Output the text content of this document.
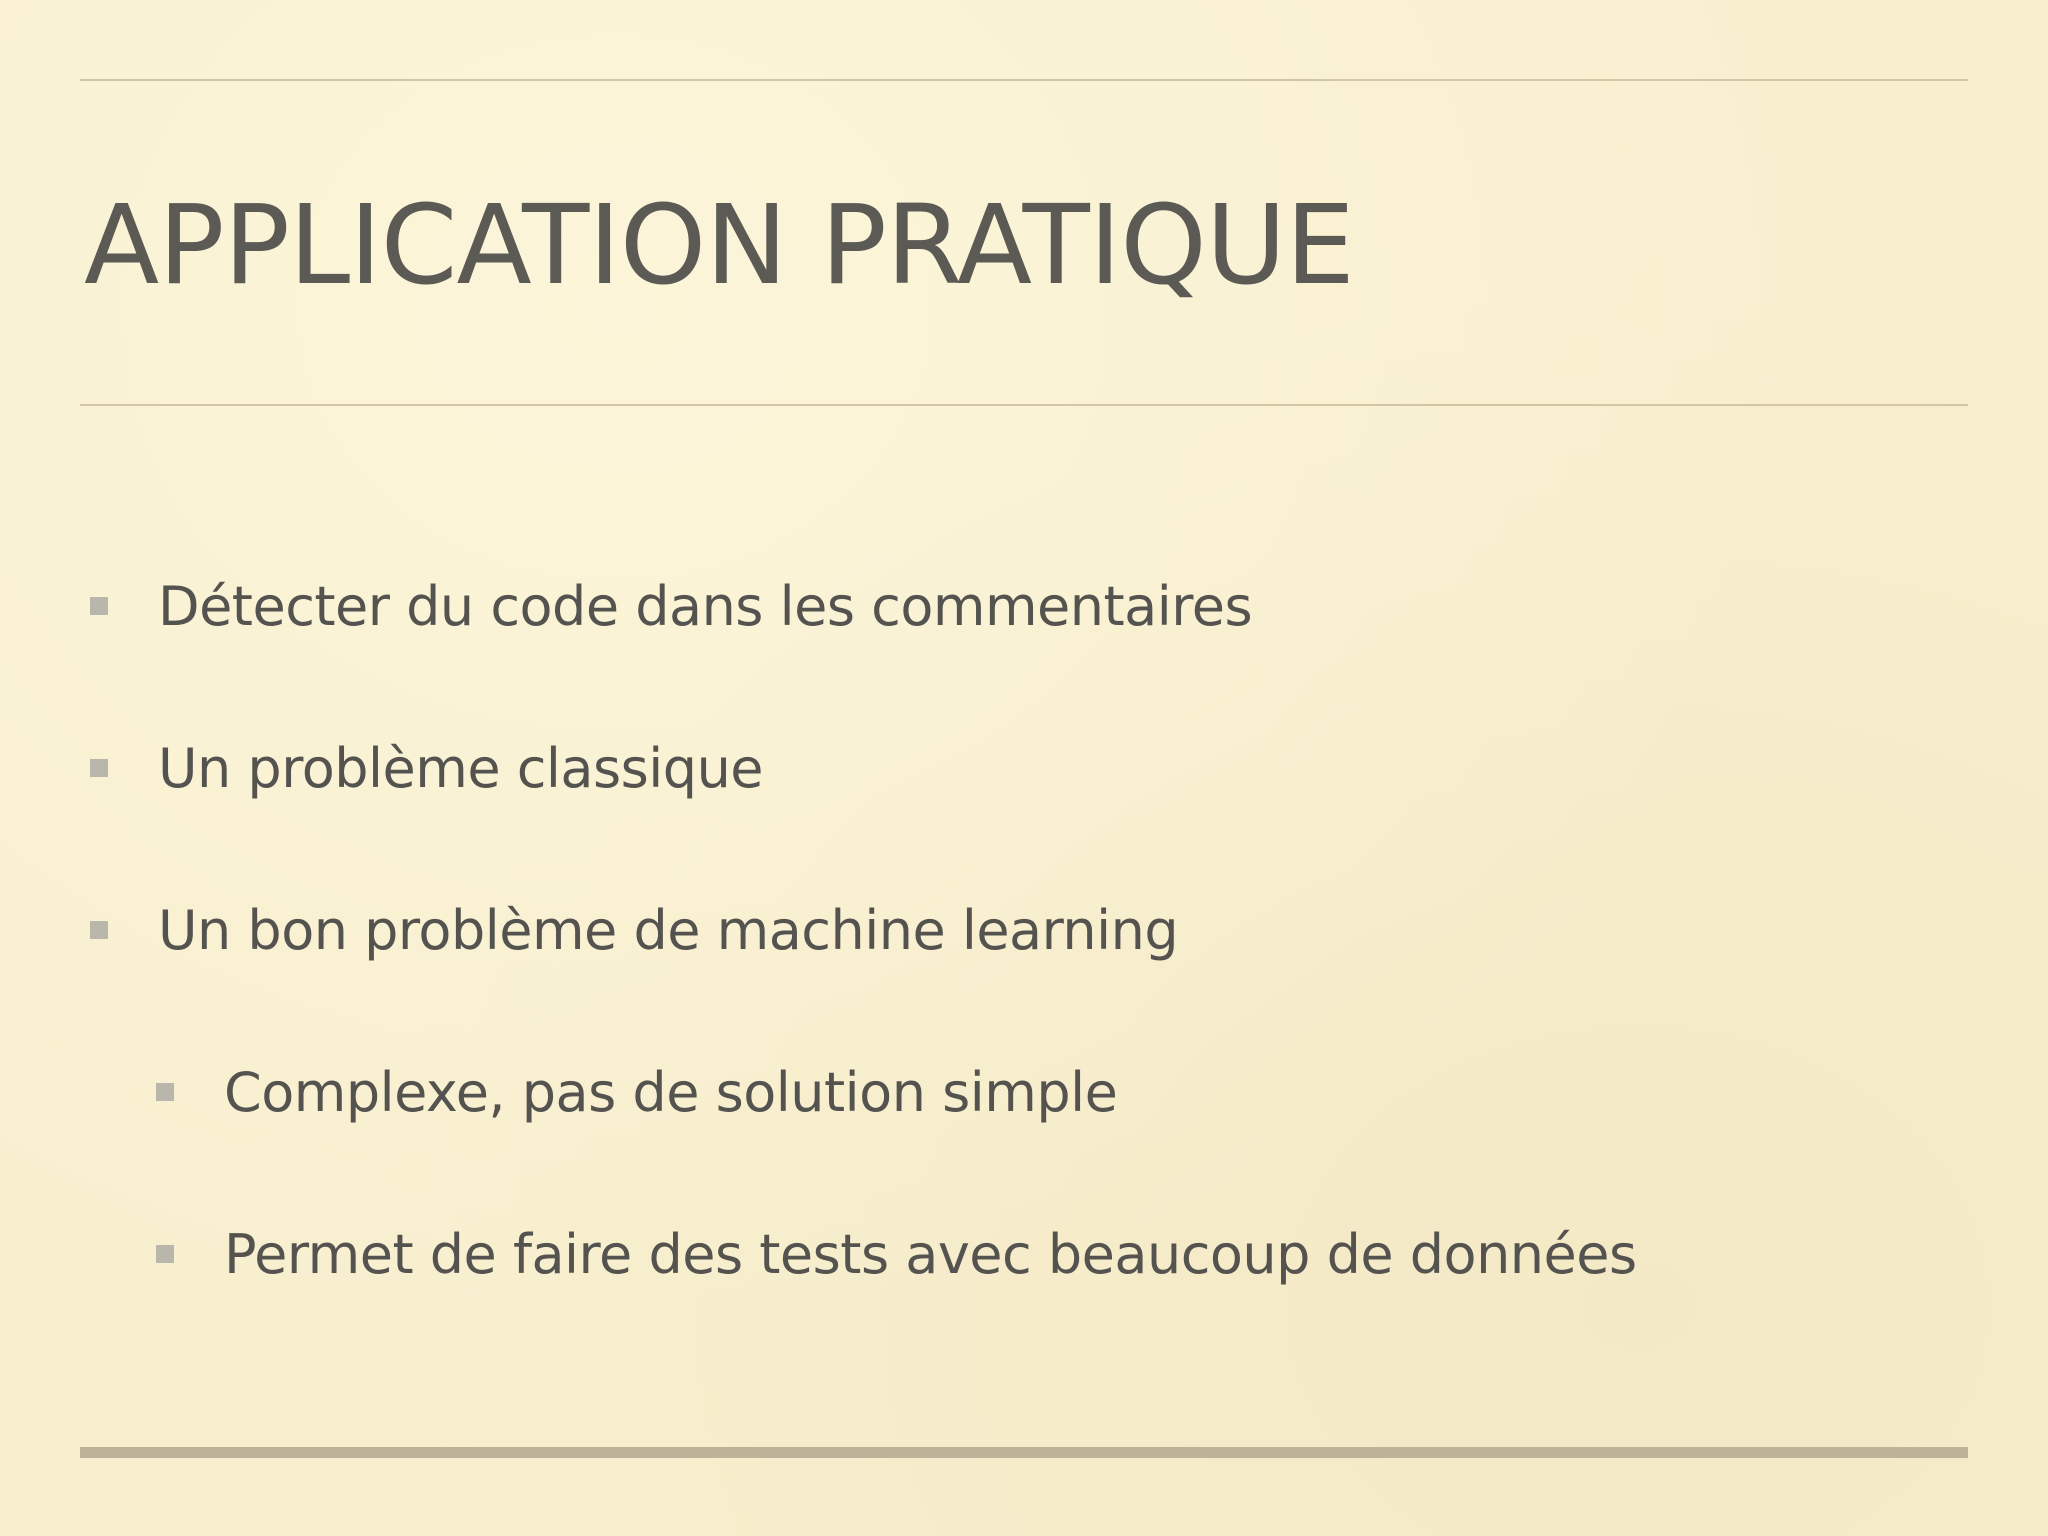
APPLICATION PRATIQUE
Détecter du code dans les commentaires
Un problème classique
Un bon problème de machine learning
Complexe, pas de solution simple
Permet de faire des tests avec beaucoup de données
